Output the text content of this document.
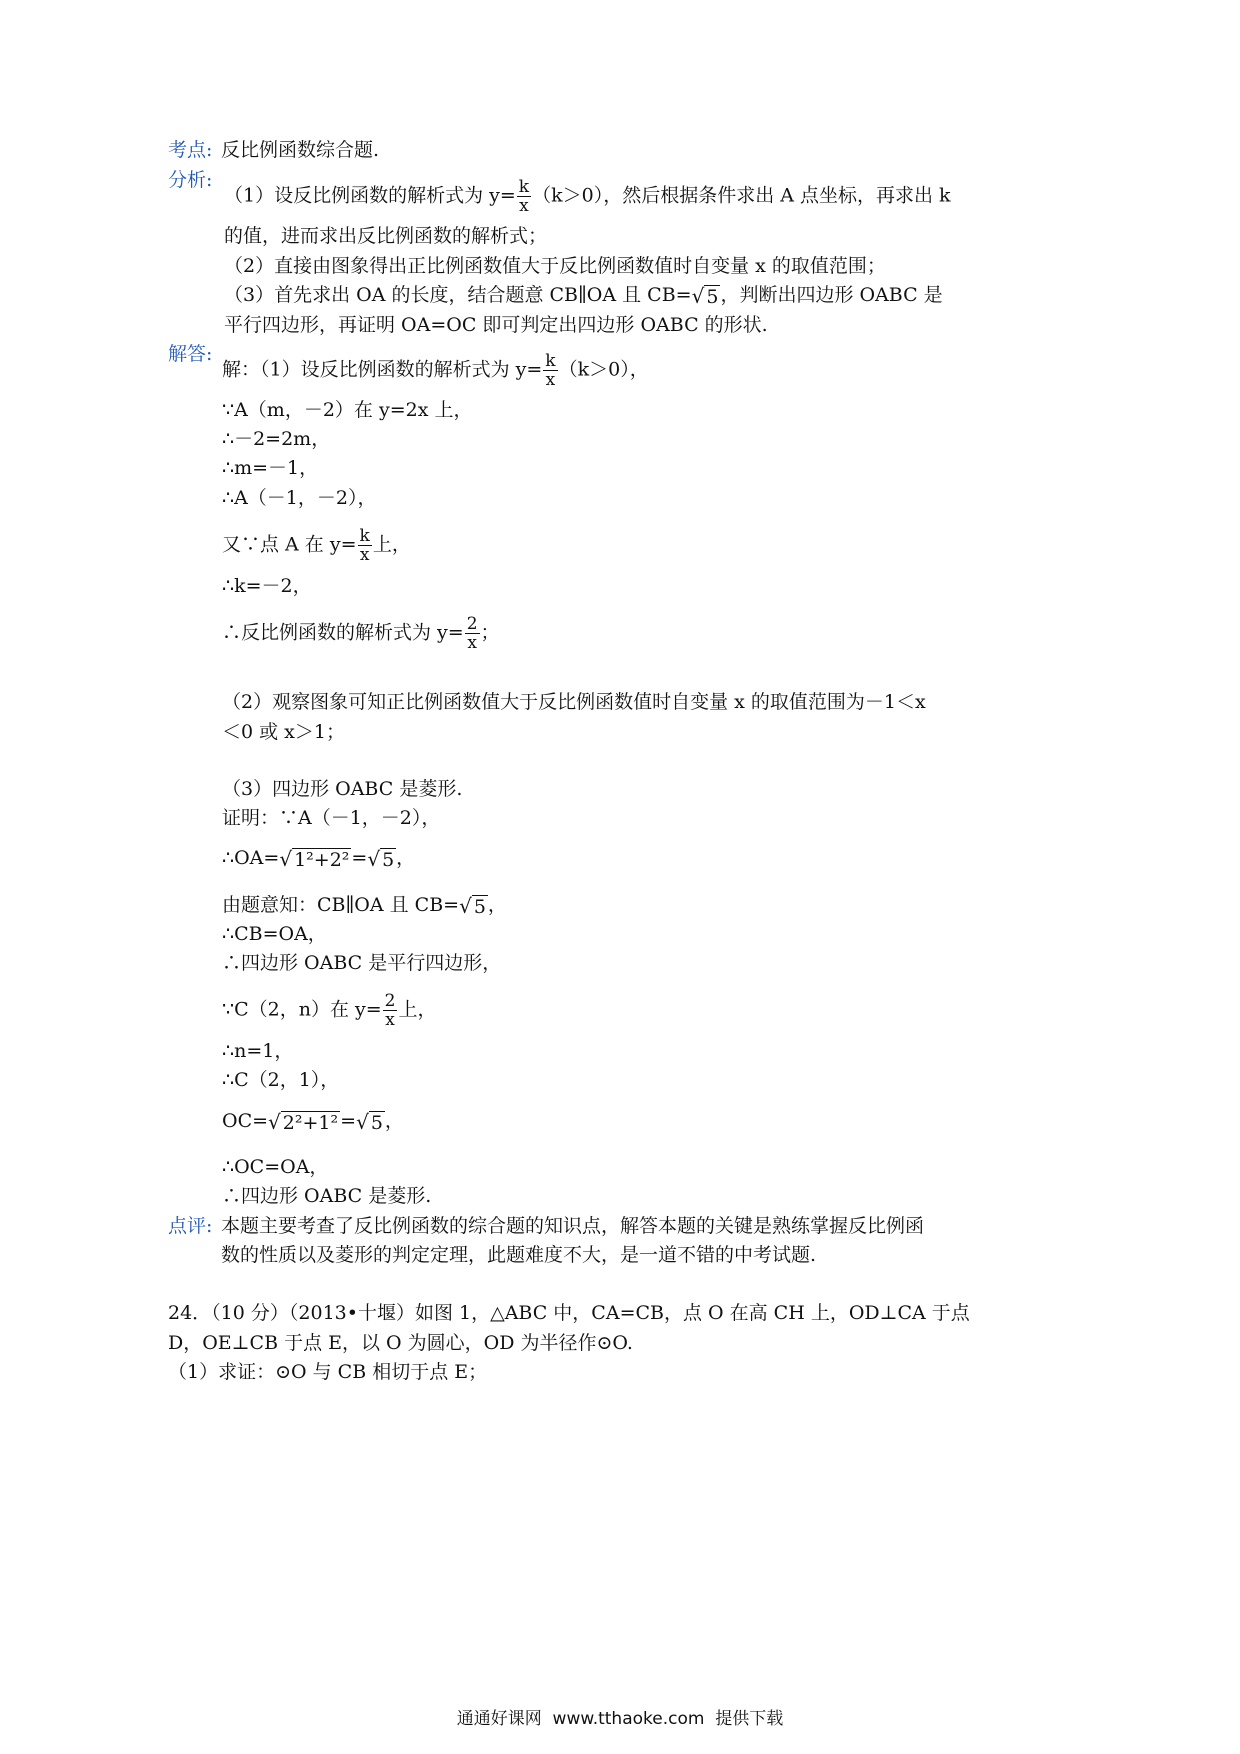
考点: 反比例函数综合题.
分析:
（1）设反比例函数的解析式为 $y= \frac{k}{x} (k>0)$，然后根据条件求出 A 点坐标，再求出 k
的值，进而求出反比例函数的解析式；
（2）直接由图象得出正比例函数值大于反比例函数值时自变量 x 的取值范围；
（3）首先求出 OA 的长度，结合题意 CB∥OA 且 CB=√ 5 ，判断出四边形 OABC 是
平行四边形，再证明 OA=OC 即可判定出四边形 OABC 的形状.
解答:
解：（1）设反比例函数的解析式为 $y= \frac{k}{x} (k>0)$，
∵A（m，－2）在 y=2x 上，
∴－2=2m，
∴m=－1，
∴A（－1，－2），
又∵点 A 在 $y= \frac{k}{x}$ 上，
∴k=－2，
∴反比例函数的解析式为 $y= \frac{2}{x}$ ；
（2）观察图象可知正比例函数值大于反比例函数值时自变量 x 的取值范围为－1＜x
＜0 或 x＞1；
（3）四边形 OABC 是菱形.
证明：∵A（－1，－2），
∴OA=√ 1²+2² =√ 5 ，
由题意知：CB∥OA 且 CB=√ 5 ，
∴CB=OA，
∴四边形 OABC 是平行四边形，
∵C（2，n）在 $y= \frac{2}{x}$ 上，
∴n=1，
∴C（2，1），
OC=√ 2²+1² =√ 5 ，
∴OC=OA，
∴四边形 OABC 是菱形.
点评: 本题主要考查了反比例函数的综合题的知识点，解答本题的关键是熟练掌握反比例函
数的性质以及菱形的判定定理，此题难度不大，是一道不错的中考试题.
24．（10 分）（2013•十堰）如图 1，△ABC 中，CA=CB，点 O 在高 CH 上，OD⊥CA 于点
D，OE⊥CB 于点 E，以 O 为圆心，OD 为半径作⊙O.
（1）求证：⊙O 与 CB 相切于点 E；
通通好课网  www.tthaoke.com  提供下载
